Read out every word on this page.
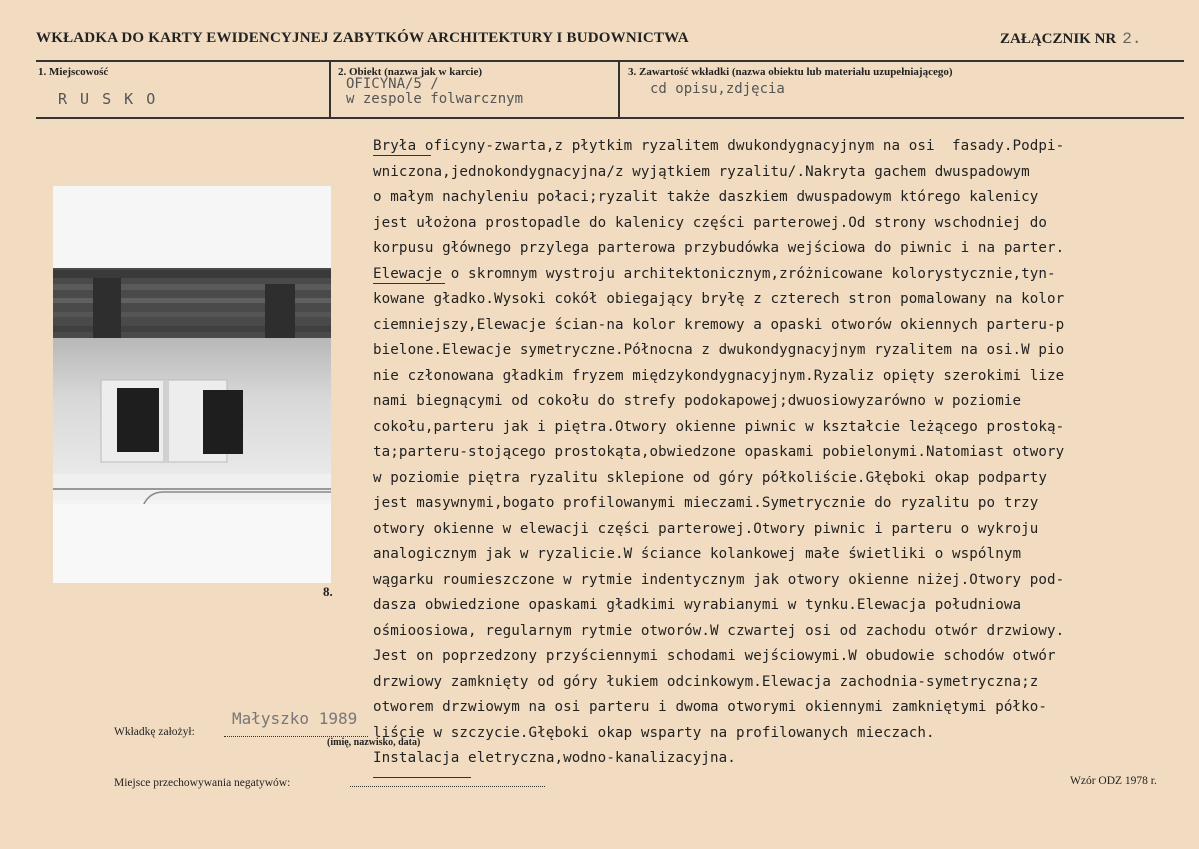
WKŁADKA DO KARTY EWIDENCYJNEJ ZABYTKÓW ARCHITEKTURY I BUDOWNICTWA	ZAŁĄCZNIK NR 2.
1. Miejscowość
R U S K O
2. Obiekt (nazwa jak w karcie)
OFICYNA/5 /
w zespole folwarcznym
3. Zawartość wkładki (nazwa obiektu lub materiału uzupełniającego)
cd opisu,zdjęcia
8.
Bryła oficyny-zwarta,z płytkim ryzalitem dwukondygnacyjnym na osi  fasady.Podpi-
wniczona,jednokondygnacyjna/z wyjątkiem ryzalitu/.Nakryta gachem dwuspadowym
o małym nachyleniu połaci;ryzalit także daszkiem dwuspadowym którego kalenicy
jest ułożona prostopadle do kalenicy części parterowej.Od strony wschodniej do
korpusu głównego przylega parterowa przybudówka wejściowa do piwnic i na parter.
Elewacje o skromnym wystroju architektonicznym,zróżnicowane kolorystycznie,tyn-
kowane gładko.Wysoki cokół obiegający bryłę z czterech stron pomalowany na kolor
ciemniejszy,Elewacje ścian-na kolor kremowy a opaski otworów okiennych parteru-p
bielone.Elewacje symetryczne.Północna z dwukondygnacyjnym ryzalitem na osi.W pio
nie członowana gładkim fryzem międzykondygnacyjnym.Ryzaliz opięty szerokimi lize
nami biegnącymi od cokołu do strefy podokapowej;dwuosiowyzarówno w poziomie
cokołu,parteru jak i piętra.Otwory okienne piwnic w kształcie leżącego prostoką-
ta;parteru-stojącego prostokąta,obwiedzone opaskami pobielonymi.Natomiast otwory
w poziomie piętra ryzalitu sklepione od góry półkoliście.Głęboki okap podparty
jest masywnymi,bogato profilowanymi mieczami.Symetrycznie do ryzalitu po trzy
otwory okienne w elewacji części parterowej.Otwory piwnic i parteru o wykroju
analogicznym jak w ryzalicie.W ściance kolankowej małe świetliki o wspólnym
wągarku roumieszczone w rytmie indentycznym jak otwory okienne niżej.Otwory pod-
dasza obwiedzione opaskami gładkimi wyrabianymi w tynku.Elewacja południowa
ośmioosiowa, regularnym rytmie otworów.W czwartej osi od zachodu otwór drzwiowy.
Jest on poprzedzony przyściennymi schodami wejściowymi.W obudowie schodów otwór
drzwiowy zamknięty od góry łukiem odcinkowym.Elewacja zachodnia-symetryczna;z
otworem drzwiowym na osi parteru i dwoma otworymi okiennymi zamkniętymi półko-
liście w szczycie.Głęboki okap wsparty na profilowanych mieczach.
Instalacja eletryczna,wodno-kanalizacyjna.
Wkładkę założył:
Małyszko 1989
(imię, nazwisko, data)
Miejsce przechowywania negatywów:	Wzór ODZ 1978 r.
